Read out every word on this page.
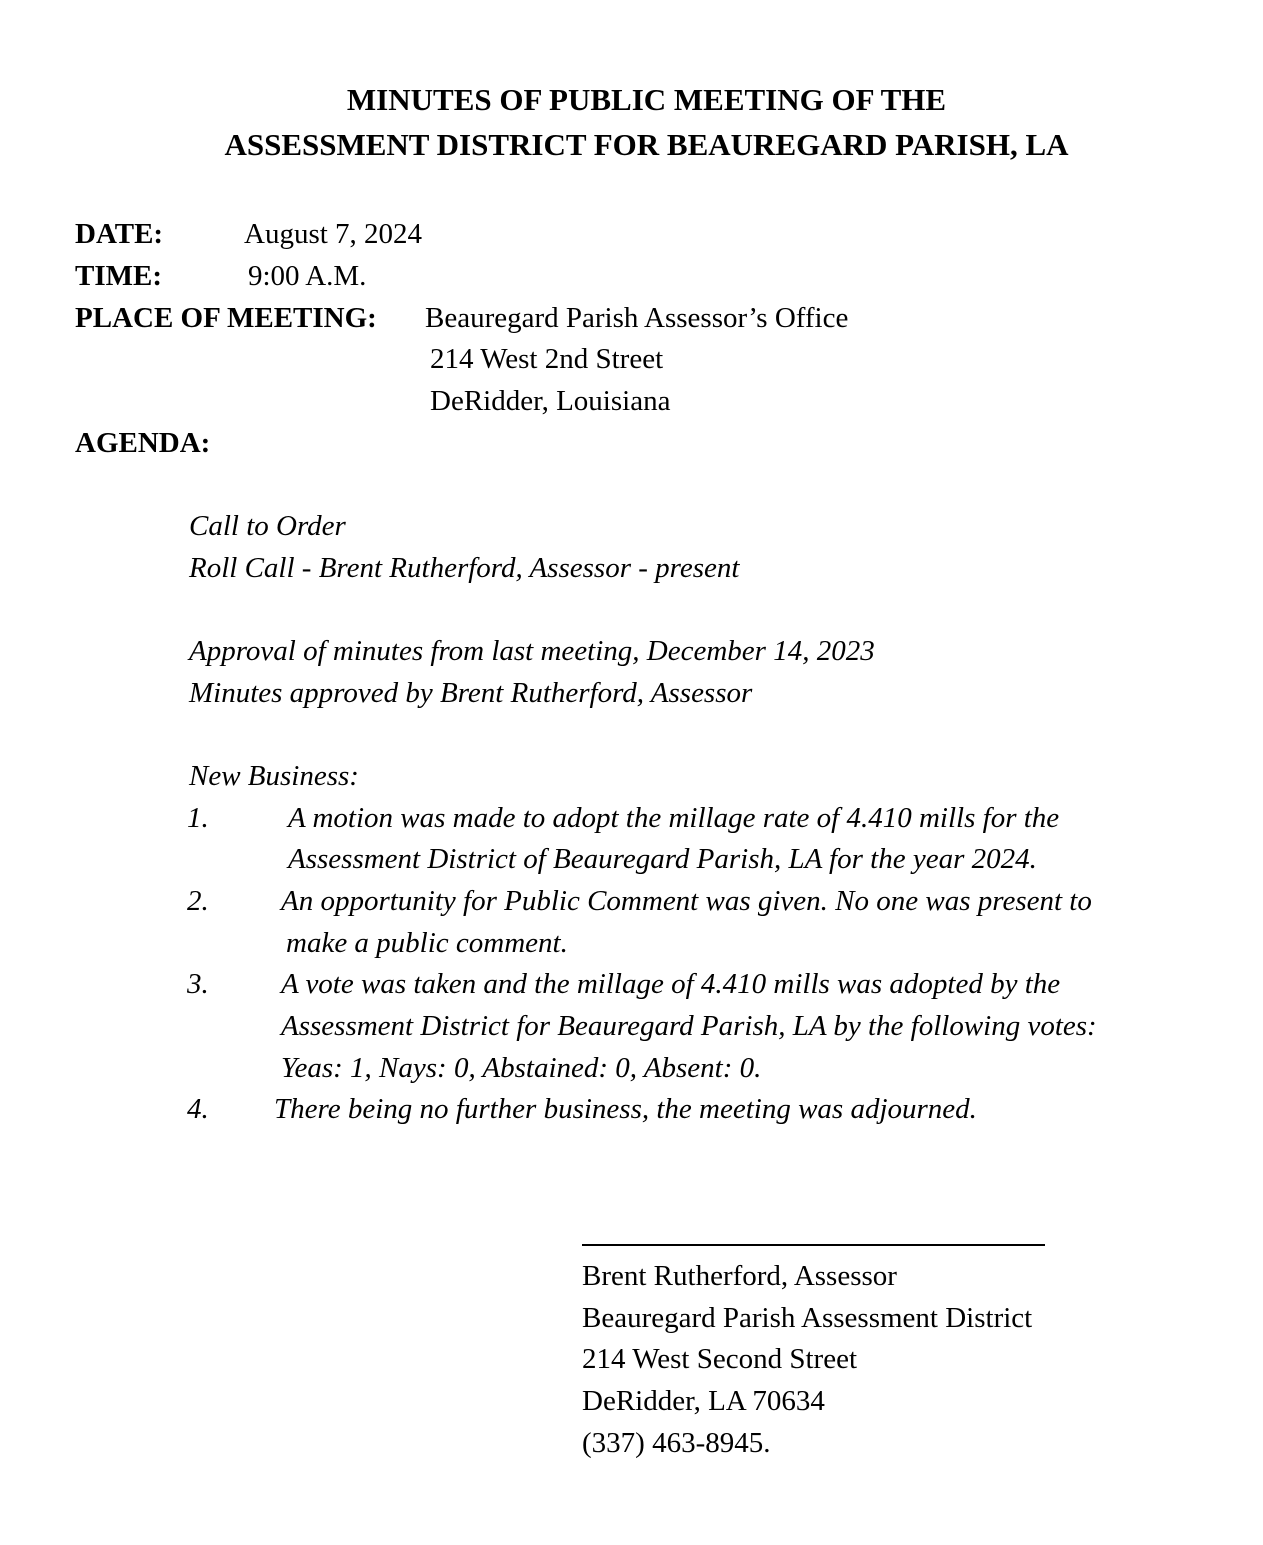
MINUTES OF PUBLIC MEETING OF THE
ASSESSMENT DISTRICT FOR BEAUREGARD PARISH, LA
DATE:	August 7, 2024
TIME:	9:00 A.M.
PLACE OF MEETING: Beauregard Parish Assessor’s Office
214 West 2nd Street
DeRidder, Louisiana
AGENDA:
Call to Order
Roll Call - Brent Rutherford, Assessor - present
Approval of minutes from last meeting, December 14, 2023
Minutes approved by Brent Rutherford, Assessor
New Business:
1.	A motion was made to adopt the millage rate of 4.410 mills for the
Assessment District of Beauregard Parish, LA for the year 2024.
2. An opportunity for Public Comment was given. No one was present to
make a public comment.
3. A vote was taken and the millage of 4.410 mills was adopted by the
Assessment District for Beauregard Parish, LA by the following votes:
Yeas: 1, Nays: 0, Abstained: 0, Absent: 0.
4. There being no further business, the meeting was adjourned.
Brent Rutherford, Assessor
Beauregard Parish Assessment District
214 West Second Street
DeRidder, LA 70634
(337) 463-8945.
